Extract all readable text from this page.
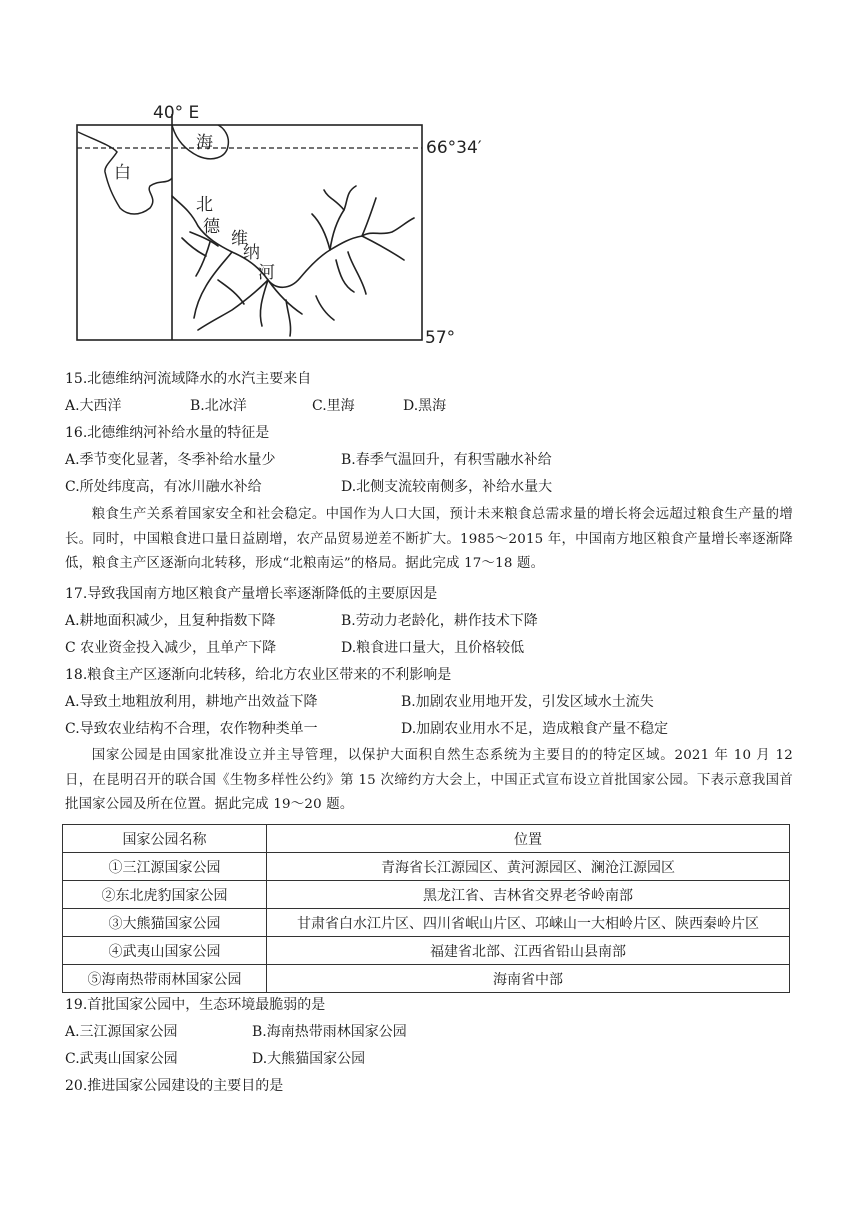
40° E
66°34′
57°
白
海
北
德
维
纳
河
15.北德维纳河流域降水的水汽主要来自
A.大西洋	B.北冰洋	C.里海	D.黑海
16.北德维纳河补给水量的特征是
A.季节变化显著，冬季补给水量少	B.春季气温回升，有积雪融水补给
C.所处纬度高，有冰川融水补给	D.北侧支流较南侧多，补给水量大
粮食生产关系着国家安全和社会稳定。中国作为人口大国，预计未来粮食总需求量的增长将会远超过粮食生产量的增长。同时，中国粮食进口量日益剧增，农产品贸易逆差不断扩大。1985～2015 年，中国南方地区粮食产量增长率逐渐降低，粮食主产区逐渐向北转移，形成“北粮南运”的格局。据此完成 17～18 题。
17.导致我国南方地区粮食产量增长率逐渐降低的主要原因是
A.耕地面积减少，且复种指数下降	B.劳动力老龄化，耕作技术下降
C 农业资金投入减少，且单产下降	D.粮食进口量大，且价格较低
18.粮食主产区逐渐向北转移，给北方农业区带来的不利影响是
A.导致土地粗放利用，耕地产出效益下降	B.加剧农业用地开发，引发区域水土流失
C.导致农业结构不合理，农作物种类单一	D.加剧农业用水不足，造成粮食产量不稳定
国家公园是由国家批准设立并主导管理，以保护大面积自然生态系统为主要目的的特定区域。2021 年 10 月 12 日，在昆明召开的联合国《生物多样性公约》第 15 次缔约方大会上，中国正式宣布设立首批国家公园。下表示意我国首批国家公园及所在位置。据此完成 19～20 题。
国家公园名称	位置
①三江源国家公园	青海省长江源园区、黄河源园区、澜沧江源园区
②东北虎豹国家公园	黑龙江省、吉林省交界老爷岭南部
③大熊猫国家公园	甘肃省白水江片区、四川省岷山片区、邛崃山一大相岭片区、陕西秦岭片区
④武夷山国家公园	福建省北部、江西省铅山县南部
⑤海南热带雨林国家公园	海南省中部
19.首批国家公园中，生态环境最脆弱的是
A.三江源国家公园	B.海南热带雨林国家公园
C.武夷山国家公园	D.大熊猫国家公园
20.推进国家公园建设的主要目的是
